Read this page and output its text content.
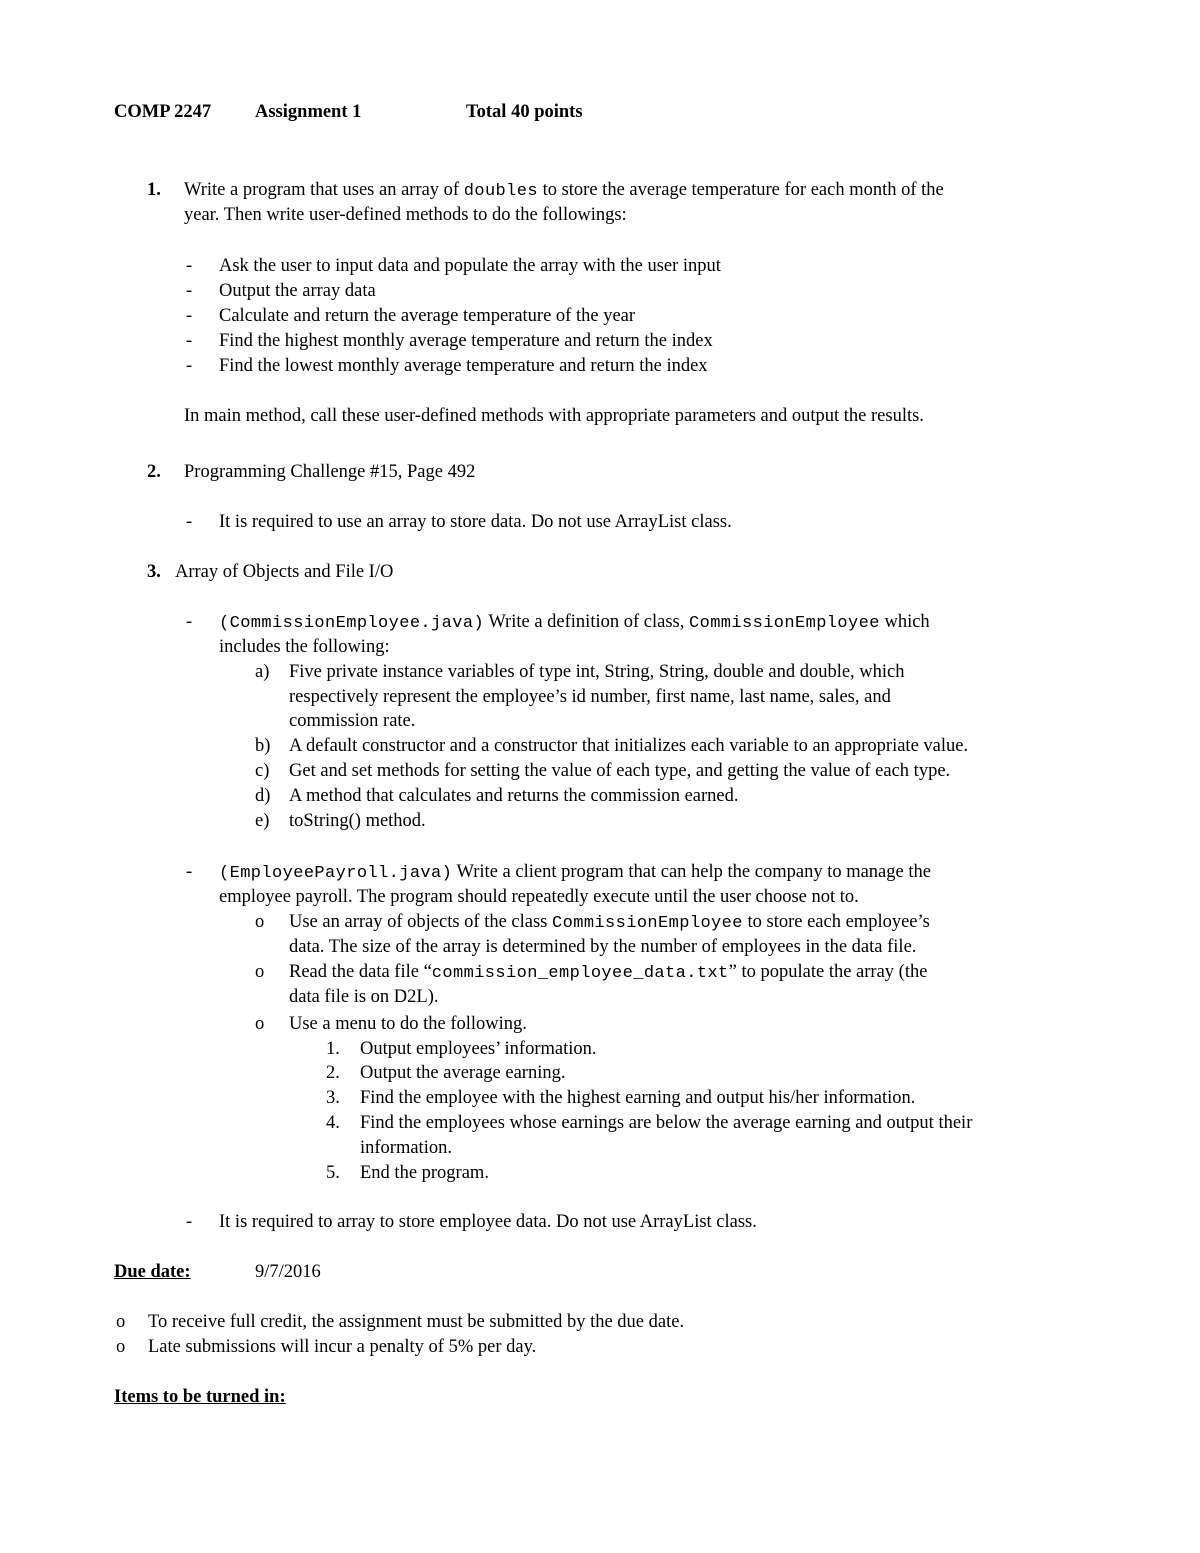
COMP 2247 Assignment 1	Total 40 points
1. Write a program that uses an array of doubles to store the average temperature for each month of the
year. Then write user-defined methods to do the followings:
- Ask the user to input data and populate the array with the user input
- Output the array data
- Calculate and return the average temperature of the year
- Find the highest monthly average temperature and return the index
- Find the lowest monthly average temperature and return the index
In main method, call these user-defined methods with appropriate parameters and output the results.
2. Programming Challenge #15, Page 492
- It is required to use an array to store data. Do not use ArrayList class.
3. Array of Objects and File I/O
- (CommissionEmployee.java) Write a definition of class, CommissionEmployee which
includes the following:
a) Five private instance variables of type int, String, String, double and double, which
respectively represent the employee’s id number, first name, last name, sales, and
commission rate.
b) A default constructor and a constructor that initializes each variable to an appropriate value.
c) Get and set methods for setting the value of each type, and getting the value of each type.
d) A method that calculates and returns the commission earned.
e) toString() method.
- (EmployeePayroll.java) Write a client program that can help the company to manage the
employee payroll. The program should repeatedly execute until the user choose not to.
o Use an array of objects of the class CommissionEmployee to store each employee’s
data. The size of the array is determined by the number of employees in the data file.
o Read the data file “commission_employee_data.txt” to populate the array (the
data file is on D2L).
o Use a menu to do the following.
1. Output employees’ information.
2. Output the average earning.
3. Find the employee with the highest earning and output his/her information.
4. Find the employees whose earnings are below the average earning and output their
information.
5. End the program.
- It is required to array to store employee data. Do not use ArrayList class.
Due date:	9/7/2016
o To receive full credit, the assignment must be submitted by the due date.
o Late submissions will incur a penalty of 5% per day.
Items to be turned in:
